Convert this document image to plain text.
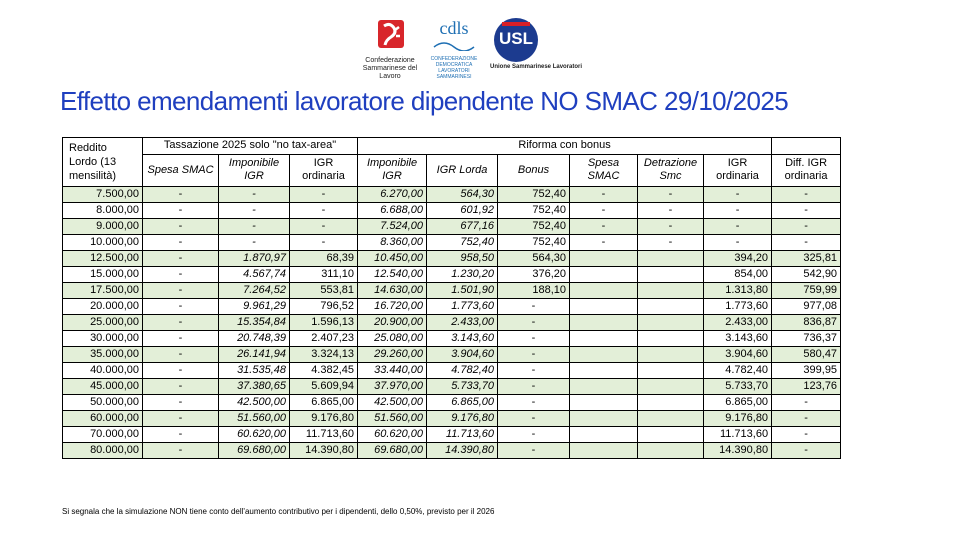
Confederazione Sammarinese del Lavoro
cdls
CONFEDERAZIONE DEMOCRATICA LAVORATORI SAMMARINESI
USL
Unione Sammarinese Lavoratori
Effetto emendamenti lavoratore dipendente NO SMAC 29/10/2025
Reddito Lordo (13 mensilità)	Tassazione 2025 solo "no tax-area"			Riforma con bonus						
	Spesa SMAC	Imponibile IGR	IGR ordinaria	Imponibile IGR	IGR Lorda	Bonus	Spesa SMAC	Detrazione Smc	IGR ordinaria	Diff. IGR ordinaria
7.500,00	-	-	-	6.270,00	564,30	752,40	-	-	-	-
8.000,00	-	-	-	6.688,00	601,92	752,40	-	-	-	-
9.000,00	-	-	-	7.524,00	677,16	752,40	-	-	-	-
10.000,00	-	-	-	8.360,00	752,40	752,40	-	-	-	-
12.500,00	-	1.870,97	68,39	10.450,00	958,50	564,30			394,20	325,81
15.000,00	-	4.567,74	311,10	12.540,00	1.230,20	376,20			854,00	542,90
17.500,00	-	7.264,52	553,81	14.630,00	1.501,90	188,10			1.313,80	759,99
20.000,00	-	9.961,29	796,52	16.720,00	1.773,60	-			1.773,60	977,08
25.000,00	-	15.354,84	1.596,13	20.900,00	2.433,00	-			2.433,00	836,87
30.000,00	-	20.748,39	2.407,23	25.080,00	3.143,60	-			3.143,60	736,37
35.000,00	-	26.141,94	3.324,13	29.260,00	3.904,60	-			3.904,60	580,47
40.000,00	-	31.535,48	4.382,45	33.440,00	4.782,40	-			4.782,40	399,95
45.000,00	-	37.380,65	5.609,94	37.970,00	5.733,70	-			5.733,70	123,76
50.000,00	-	42.500,00	6.865,00	42.500,00	6.865,00	-			6.865,00	-
60.000,00	-	51.560,00	9.176,80	51.560,00	9.176,80	-			9.176,80	-
70.000,00	-	60.620,00	11.713,60	60.620,00	11.713,60	-			11.713,60	-
80.000,00	-	69.680,00	14.390,80	69.680,00	14.390,80	-			14.390,80	-
Si segnala che la simulazione NON tiene conto dell'aumento contributivo per i dipendenti, dello 0,50%, previsto per il 2026
